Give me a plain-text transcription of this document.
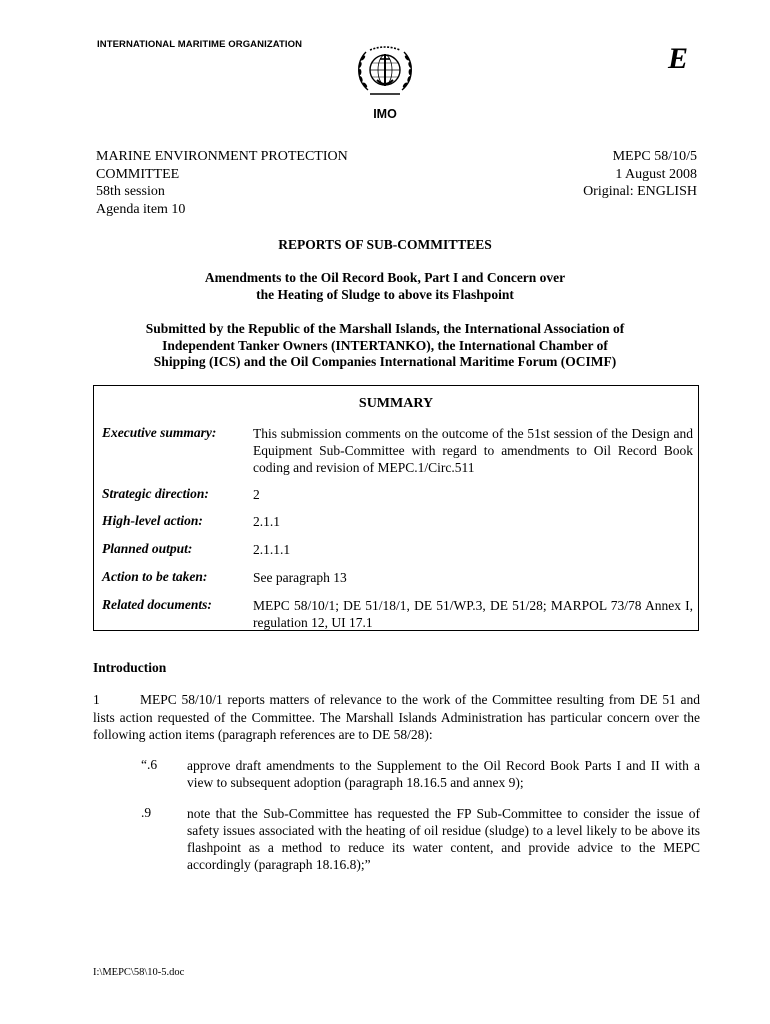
INTERNATIONAL MARITIME ORGANIZATION	E
IMO
MARINE ENVIRONMENT PROTECTION
COMMITTEE
58th session
Agenda item 10
MEPC 58/10/5
1 August 2008
Original: ENGLISH
REPORTS OF SUB-COMMITTEES
Amendments to the Oil Record Book, Part I and Concern over
the Heating of Sludge to above its Flashpoint
Submitted by the Republic of the Marshall Islands, the International Association of
Independent Tanker Owners (INTERTANKO), the International Chamber of
Shipping (ICS) and the Oil Companies International Maritime Forum (OCIMF)
SUMMARY
Executive summary:	This submission comments on the outcome of the 51st session of the Design and Equipment Sub-Committee with regard to amendments to Oil Record Book coding and revision of MEPC.1/Circ.511
Strategic direction:	2
High-level action:	2.1.1
Planned output:	2.1.1.1
Action to be taken:	See paragraph 13
Related documents:	MEPC 58/10/1; DE 51/18/1, DE 51/WP.3, DE 51/28; MARPOL 73/78 Annex I, regulation 12, UI 17.1
Introduction
1	MEPC 58/10/1 reports matters of relevance to the work of the Committee resulting from DE 51 and lists action requested of the Committee. The Marshall Islands Administration has particular concern over the following action items (paragraph references are to DE 58/28):
“.6 approve draft amendments to the Supplement to the Oil Record Book Parts I and II with a view to subsequent adoption (paragraph 18.16.5 and annex 9);
.9	note that the Sub-Committee has requested the FP Sub-Committee to consider the issue of safety issues associated with the heating of oil residue (sludge) to a level likely to be above its flashpoint as a method to reduce its water content, and provide advice to the MEPC accordingly (paragraph 18.16.8);”
I:\MEPC\58\10-5.doc
